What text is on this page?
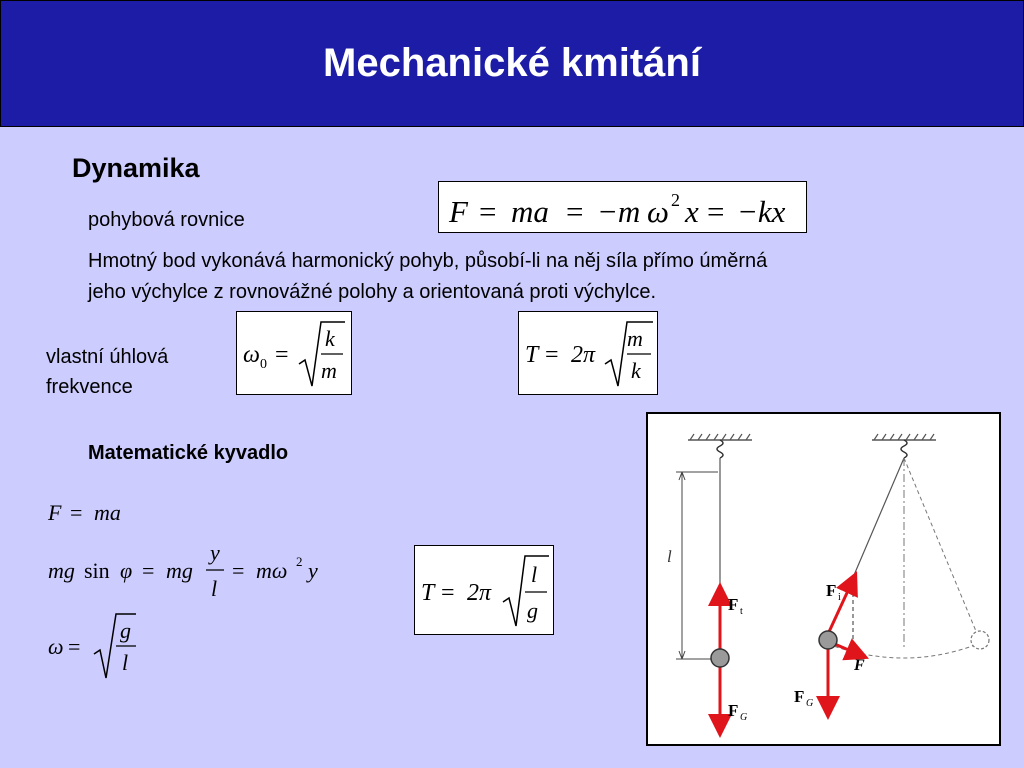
Mechanické kmitání
Dynamika
pohybová rovnice	F = ma = −m ω 2 x = −kx
Hmotný bod vykonává harmonický pohyb, působí-li na něj síla přímo úměrná
jeho výchylce z rovnovážné polohy a orientovaná proti výchylce.
vlastní úhlová
frekvence
ω 0 =
k
m
T = 2π
m
k
Matematické kyvadlo
F = ma
mg sin φ = mg
y
l
= mω 2 y
ω =
g
l
T = 2π
l
g
l
F t
F G
F i
F
F G
